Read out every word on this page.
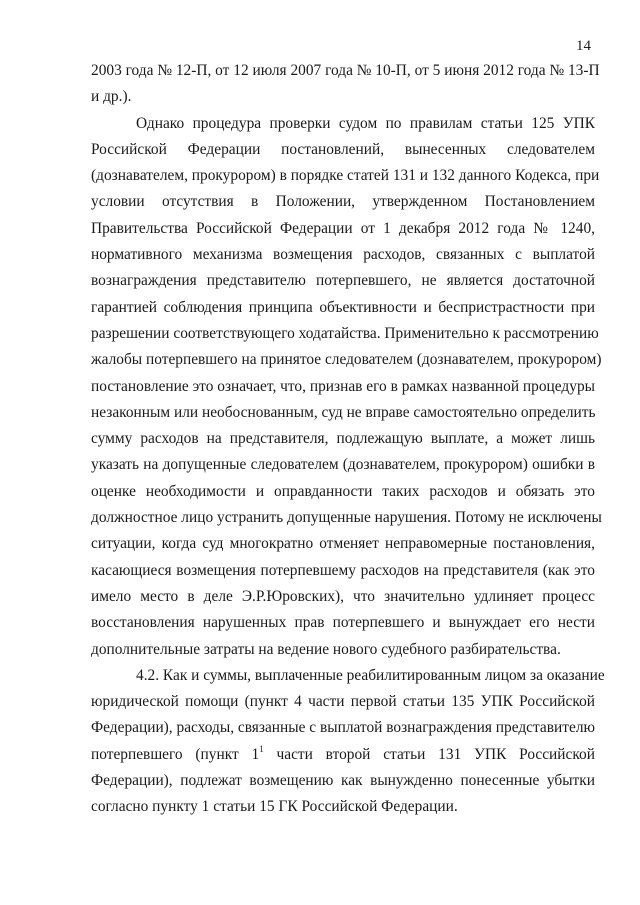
14
2003 года № 12-П, от 12 июля 2007 года № 10-П, от 5 июня 2012 года № 13-П
и др.).
Однако процедура проверки судом по правилам статьи 125 УПК
Российской Федерации постановлений, вынесенных следователем
(дознавателем, прокурором) в порядке статей 131 и 132 данного Кодекса, при
условии отсутствия в Положении, утвержденном Постановлением
Правительства Российской Федерации от 1 декабря 2012 года № 1240,
нормативного механизма возмещения расходов, связанных с выплатой
вознаграждения представителю потерпевшего, не является достаточной
гарантией соблюдения принципа объективности и беспристрастности при
разрешении соответствующего ходатайства. Применительно к рассмотрению
жалобы потерпевшего на принятое следователем (дознавателем, прокурором)
постановление это означает, что, признав его в рамках названной процедуры
незаконным или необоснованным, суд не вправе самостоятельно определить
сумму расходов на представителя, подлежащую выплате, а может лишь
указать на допущенные следователем (дознавателем, прокурором) ошибки в
оценке необходимости и оправданности таких расходов и обязать это
должностное лицо устранить допущенные нарушения. Потому не исключены
ситуации, когда суд многократно отменяет неправомерные постановления,
касающиеся возмещения потерпевшему расходов на представителя (как это
имело место в деле Э.Р.Юровских), что значительно удлиняет процесс
восстановления нарушенных прав потерпевшего и вынуждает его нести
дополнительные затраты на ведение нового судебного разбирательства.
4.2. Как и суммы, выплаченные реабилитированным лицом за оказание
юридической помощи (пункт 4 части первой статьи 135 УПК Российской
Федерации), расходы, связанные с выплатой вознаграждения представителю
потерпевшего (пункт $1^1$ части второй статьи 131 УПК Российской
Федерации), подлежат возмещению как вынужденно понесенные убытки
согласно пункту 1 статьи 15 ГК Российской Федерации.
